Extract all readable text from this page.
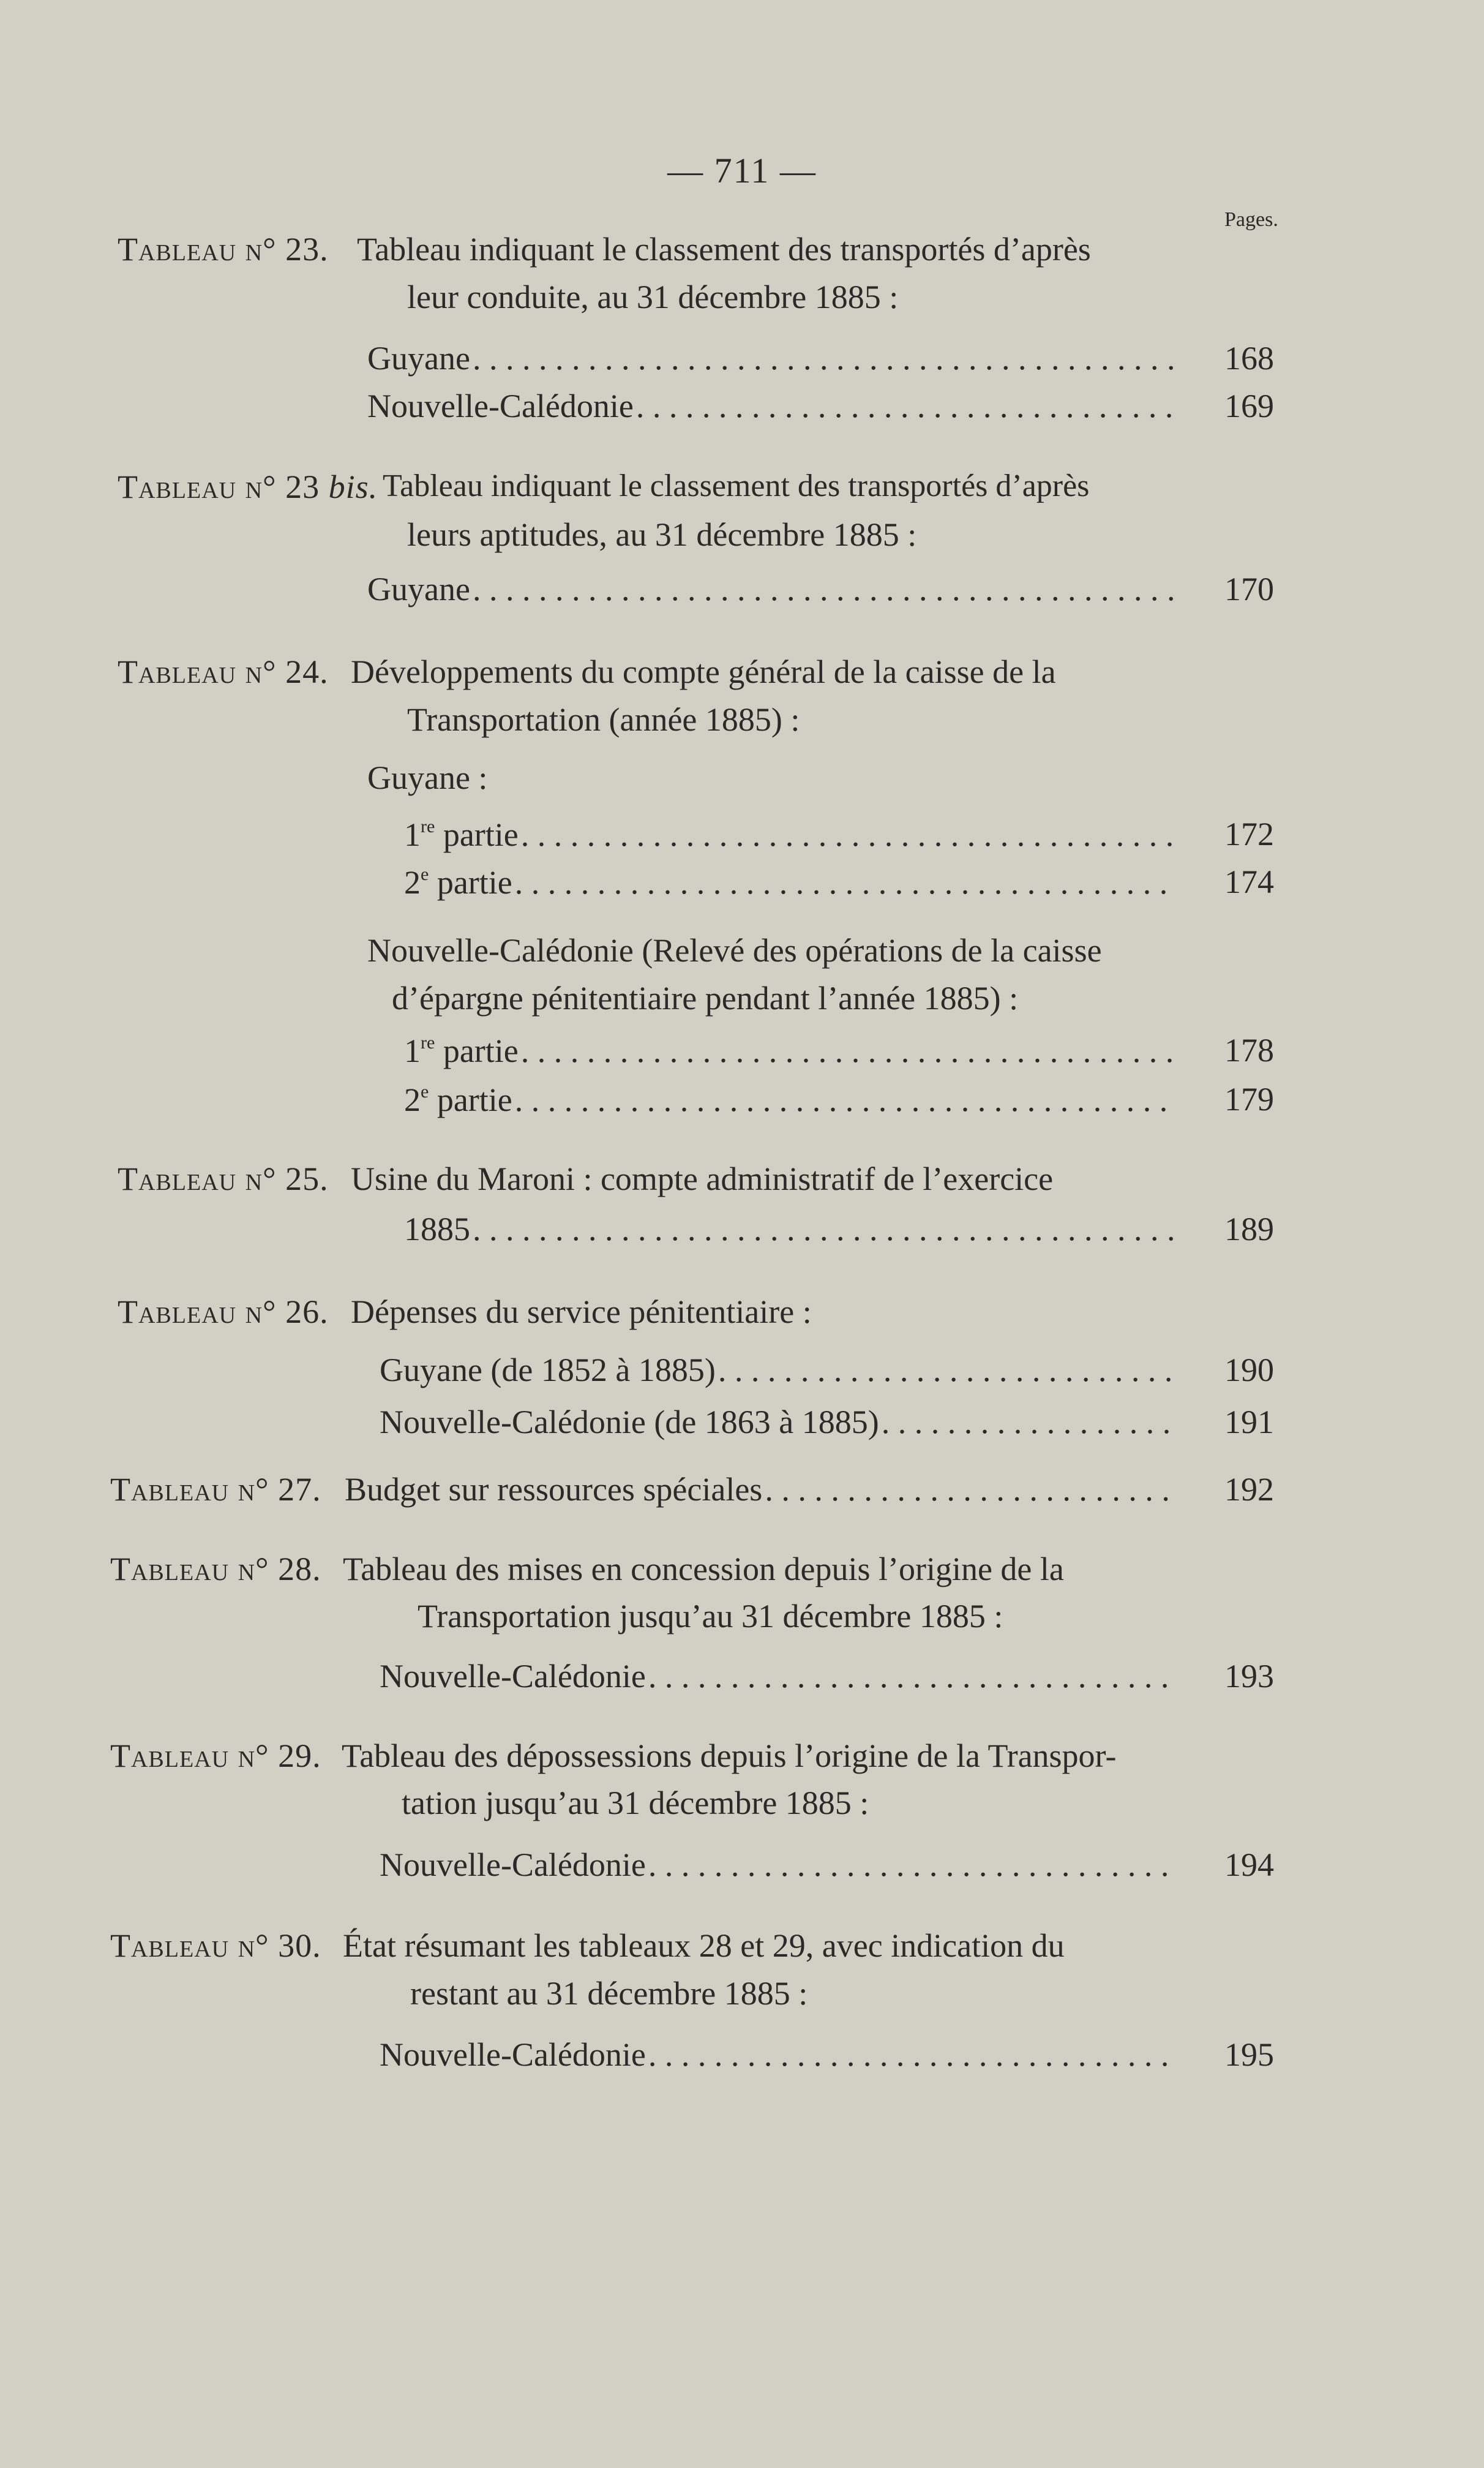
— 711 —
Pages.
Tableau n° 23. Tableau indiquant le classement des transportés d’après
leur conduite, au 31 décembre 1885 :
Guyane . . .	168
Nouvelle-Calédonie . . .	169
Tableau n° 23 bis. Tableau indiquant le classement des transportés d’après
leurs aptitudes, au 31 décembre 1885 :
Guyane . . .	170
Tableau n° 24. Développements du compte général de la caisse de la
Transportation (année 1885) :
Guyane :
1re partie . . .	172
2e partie . . .	174
Nouvelle-Calédonie (Relevé des opérations de la caisse
d’épargne pénitentiaire pendant l’année 1885) :
1re partie . . .	178
2e partie . . .	179
Tableau n° 25. Usine du Maroni : compte administratif de l’exercice
1885 . . .	189
Tableau n° 26. Dépenses du service pénitentiaire :
Guyane (de 1852 à 1885) . . .	190
Nouvelle-Calédonie (de 1863 à 1885) . . .	191
Tableau n° 27. Budget sur ressources spéciales . . .	192
Tableau n° 28. Tableau des mises en concession depuis l’origine de la
Transportation jusqu’au 31 décembre 1885 :
Nouvelle-Calédonie . . .	193
Tableau n° 29. Tableau des dépossessions depuis l’origine de la Transpor-
tation jusqu’au 31 décembre 1885 :
Nouvelle-Calédonie . . .	194
Tableau n° 30. État résumant les tableaux 28 et 29, avec indication du
restant au 31 décembre 1885 :
Nouvelle-Calédonie . . .	195
